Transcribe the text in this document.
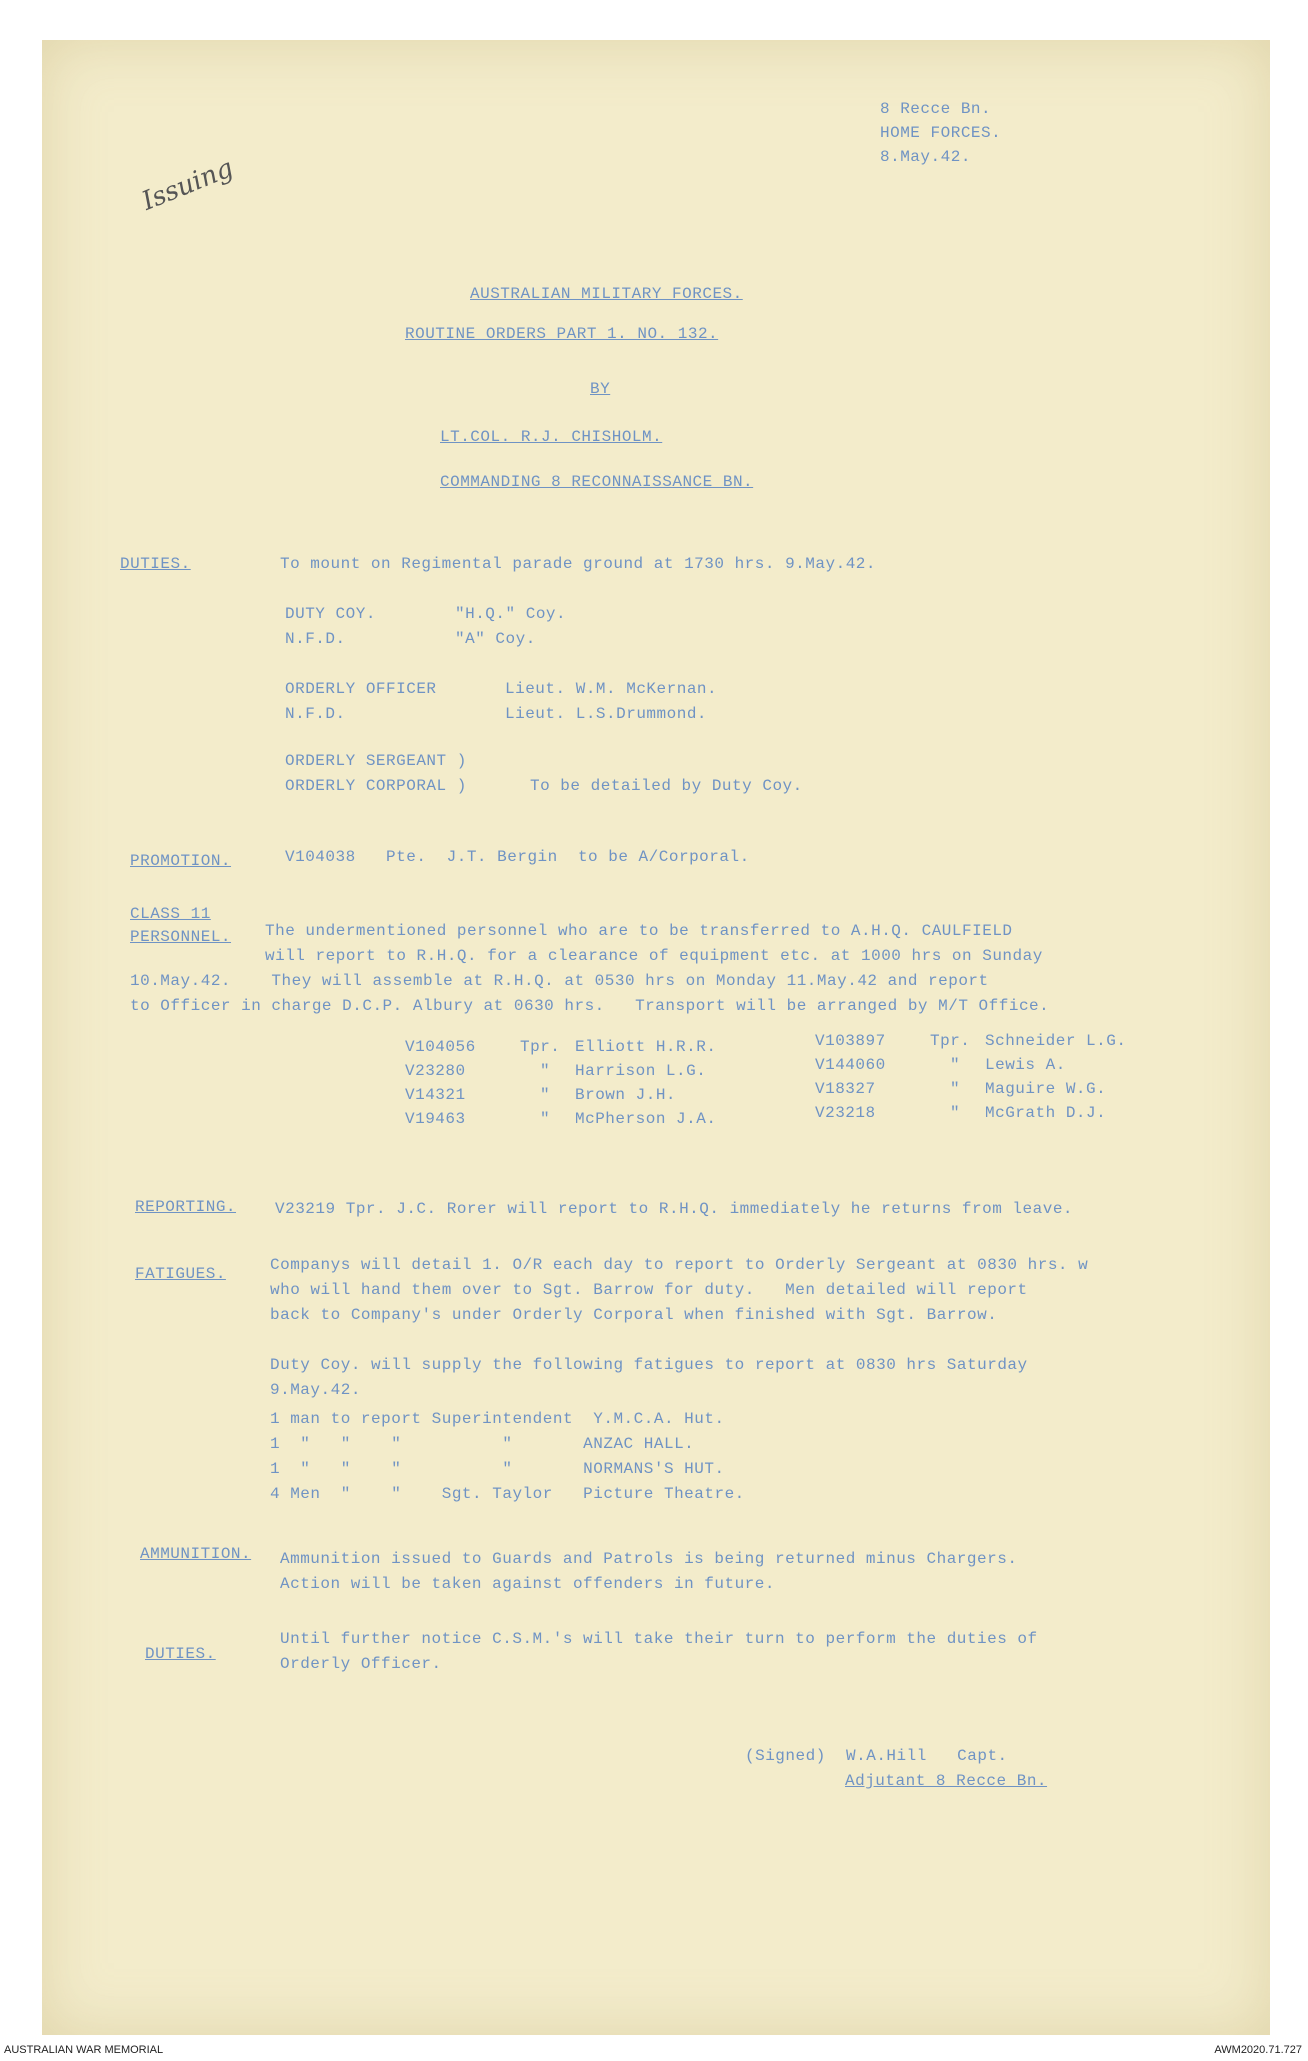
Issuing
8 Recce Bn.
HOME FORCES.
8.May.42.
AUSTRALIAN MILITARY FORCES.
ROUTINE ORDERS PART 1. NO. 132.
BY
LT.COL. R.J. CHISHOLM.
COMMANDING 8 RECONNAISSANCE BN.
DUTIES.	To mount on Regimental parade ground at 1730 hrs. 9.May.42.
DUTY COY.	"H.Q." Coy.
N.F.D.	"A" Coy.
ORDERLY OFFICER	Lieut. W.M. McKernan.
N.F.D.	Lieut. L.S.Drummond.
ORDERLY SERGEANT )
ORDERLY CORPORAL )	To be detailed by Duty Coy.
PROMOTION.	V104038   Pte.  J.T. Bergin  to be A/Corporal.
CLASS 11
PERSONNEL. The undermentioned personnel who are to be transferred to A.H.Q. CAULFIELD
will report to R.H.Q. for a clearance of equipment etc. at 1000 hrs on Sunday
10.May.42.    They will assemble at R.H.Q. at 0530 hrs on Monday 11.May.42 and report
to Officer in charge D.C.P. Albury at 0630 hrs.   Transport will be arranged by M/T Office.
V104056	Tpr. Elliott H.R.R.	V103897	Tpr. Schneider L.G.
V23280	" Harrison L.G.	V144060	" Lewis A.
V14321	" Brown J.H.	V18327	" Maguire W.G.
V19463	" McPherson J.A.	V23218	" McGrath D.J.
REPORTING. V23219 Tpr. J.C. Rorer will report to R.H.Q. immediately he returns from leave.
FATIGUES.	Companys will detail 1. O/R each day to report to Orderly Sergeant at 0830 hrs. w
who will hand them over to Sgt. Barrow for duty.   Men detailed will report
back to Company's under Orderly Corporal when finished with Sgt. Barrow.
Duty Coy. will supply the following fatigues to report at 0830 hrs Saturday
9.May.42.
1 man to report Superintendent  Y.M.C.A. Hut.
1  "   "    "          "       ANZAC HALL.
1  "   "    "          "       NORMANS'S HUT.
4 Men  "    "    Sgt. Taylor   Picture Theatre.
AMMUNITION. Ammunition issued to Guards and Patrols is being returned minus Chargers.
Action will be taken against offenders in future.
DUTIES.
Until further notice C.S.M.'s will take their turn to perform the duties of
Orderly Officer.
(Signed)  W.A.Hill   Capt.
Adjutant 8 Recce Bn.
AUSTRALIAN WAR MEMORIAL	AWM2020.71.727
